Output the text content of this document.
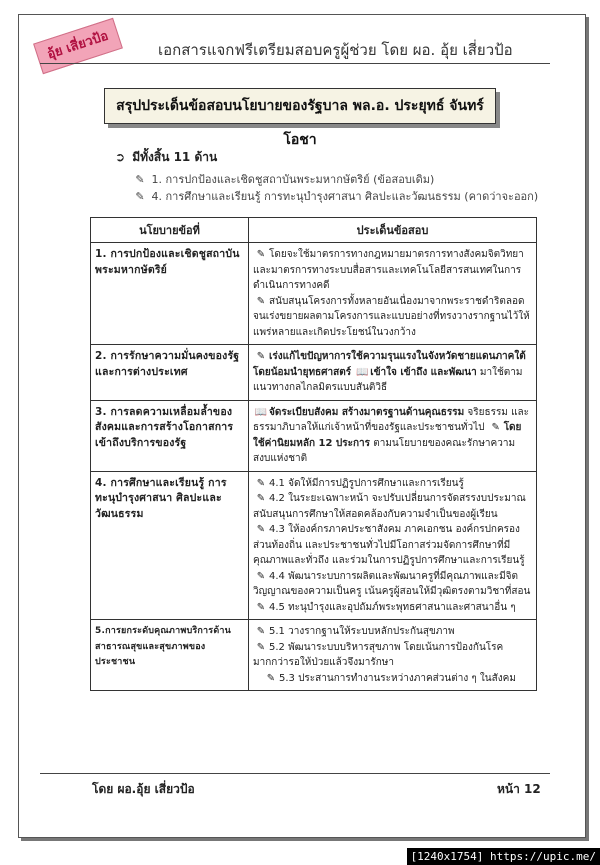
อุ้ย เสี่ยวป้อ	เอกสารแจกฟรีเตรียมสอบครูผู้ช่วย โดย ผอ. อุ้ย เสี่ยวป้อ
สรุปประเด็นข้อสอบนโยบายของรัฐบาล พล.อ. ประยุทธ์ จันทร์โอชา
➲ มีทั้งสิ้น 11 ด้าน
✎ 1. การปกป้องและเชิดชูสถาบันพระมหากษัตริย์ (ข้อสอบเดิม)
✎ 4. การศึกษาและเรียนรู้ การทะนุบำรุงศาสนา ศิลปะและวัฒนธรรม (คาดว่าจะออก)
นโยบายข้อที่	ประเด็นข้อสอบ
1. การปกป้องและเชิดชูสถาบันพระมหากษัตริย์	✎ โดยจะใช้มาตรการทางกฎหมายมาตรการทางสังคมจิตวิทยาและมาตรการทางระบบสื่อสารและเทคโนโลยีสารสนเทศในการดำเนินการทางคดี
✎ สนับสนุนโครงการทั้งหลายอันเนื่องมาจากพระราชดำริตลอดจนเร่งขยายผลตามโครงการและแบบอย่างที่ทรงวางรากฐานไว้ให้แพร่หลายและเกิดประโยชน์ในวงกว้าง

2. การรักษาความมั่นคงของรัฐและการต่างประเทศ	✎ เร่งแก้ไขปัญหาการใช้ความรุนแรงในจังหวัดชายแดนภาคใต้ โดยน้อมนำยุทธศาสตร์ 📖 เข้าใจ เข้าถึง และพัฒนา มาใช้ตามแนวทางกลไกลมิตรแบบสันติวิธี

3. การลดความเหลื่อมล้ำของสังคมและการสร้างโอกาสการเข้าถึงบริการของรัฐ	📖 จัดระเบียบสังคม สร้างมาตรฐานด้านคุณธรรม จริยธรรม และธรรมาภิบาลให้แก่เจ้าหน้าที่ของรัฐและประชาชนทั่วไป ✎ โดยใช้ค่านิยมหลัก 12 ประการ ตามนโยบายของคณะรักษาความสงบแห่งชาติ

4. การศึกษาและเรียนรู้ การทะนุบำรุงศาสนา ศิลปะและวัฒนธรรม	✎ 4.1 จัดให้มีการปฏิรูปการศึกษาและการเรียนรู้
✎ 4.2 ในระยะเฉพาะหน้า จะปรับเปลี่ยนการจัดสรรงบประมาณสนับสนุนการศึกษาให้สอดคล้องกับความจำเป็นของผู้เรียน
✎ 4.3 ให้องค์กรภาคประชาสังคม ภาคเอกชน องค์กรปกครองส่วนท้องถิ่น และประชาชนทั่วไปมีโอกาสร่วมจัดการศึกษาที่มีคุณภาพและทั่วถึง และร่วมในการปฏิรูปการศึกษาและการเรียนรู้
✎ 4.4 พัฒนาระบบการผลิตและพัฒนาครูที่มีคุณภาพและมีจิตวิญญาณของความเป็นครู เน้นครูผู้สอนให้มีวุฒิตรงตามวิชาที่สอน
✎ 4.5 ทะนุบำรุงและอุปถัมภ์พระพุทธศาสนาและศาสนาอื่น ๆ

5.การยกระดับคุณภาพบริการด้านสาธารณสุขและสุขภาพของประชาชน	✎ 5.1 วางรากฐานให้ระบบหลักประกันสุขภาพ
✎ 5.2 พัฒนาระบบบริหารสุขภาพ โดยเน้นการป้องกันโรคมากกว่ารอให้ป่วยแล้วจึงมารักษา
✎ 5.3 ประสานการทำงานระหว่างภาคส่วนต่าง ๆ ในสังคม
โดย ผอ.อุ้ย เสี่ยวป้อ	หน้า 12
[1240x1754] https://upic.me/
